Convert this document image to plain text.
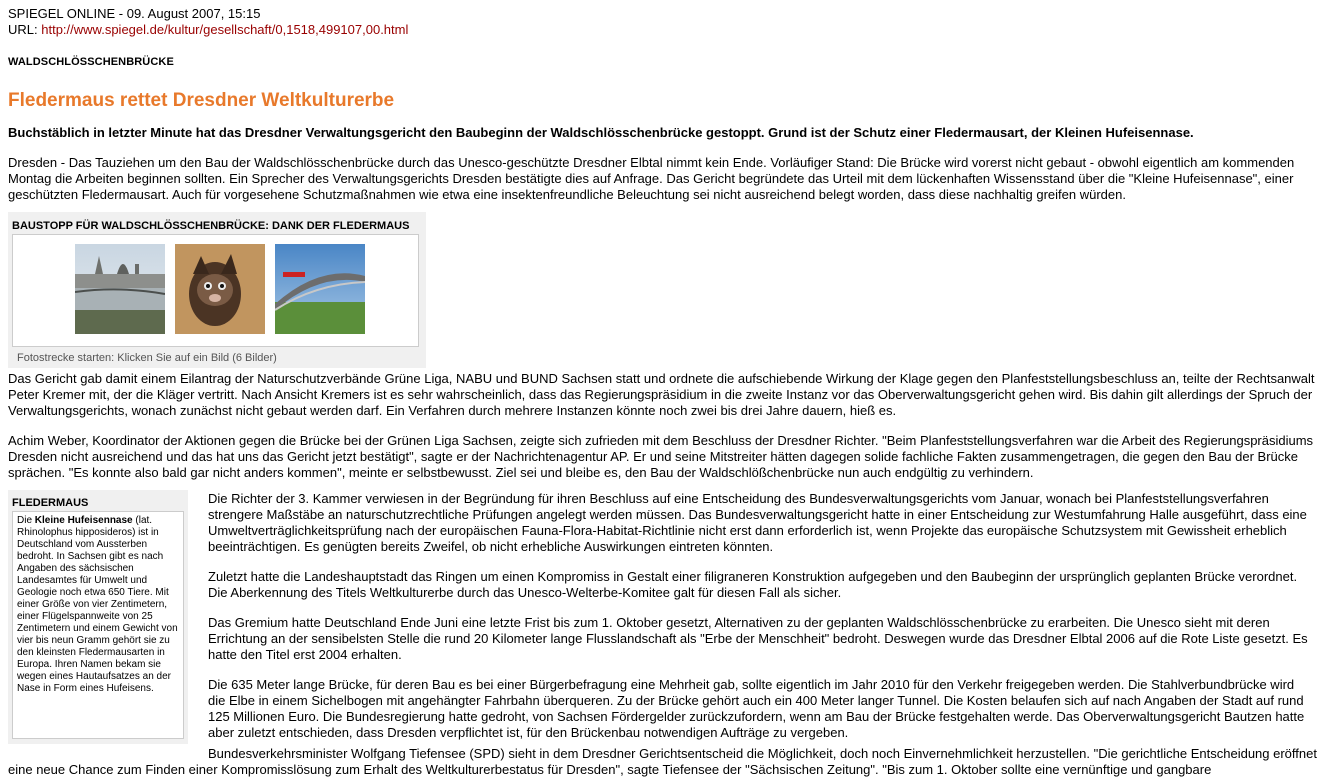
SPIEGEL ONLINE - 09. August 2007, 15:15

URL: http://www.spiegel.de/kultur/gesellschaft/0,1518,499107,00.html

WALDSCHLÖSSCHENBRÜCKE
Fledermaus rettet Dresdner Weltkulturerbe

Buchstäblich in letzter Minute hat das Dresdner Verwaltungsgericht den Baubeginn der Waldschlösschenbrücke gestoppt. Grund ist der Schutz einer Fledermausart, der Kleinen Hufeisennase.

Dresden - Das Tauziehen um den Bau der Waldschlösschenbrücke durch das Unesco-geschützte Dresdner Elbtal nimmt kein Ende. Vorläufiger Stand: Die Brücke wird vorerst nicht gebaut - obwohl eigentlich am kommenden Montag die Arbeiten beginnen sollten. Ein Sprecher des Verwaltungsgerichts Dresden bestätigte dies auf Anfrage. Das Gericht begründete das Urteil mit dem lückenhaften Wissensstand über die "Kleine Hufeisennase", einer geschützten Fledermausart. Auch für vorgesehene Schutzmaßnahmen wie etwa eine insektenfreundliche Beleuchtung sei nicht ausreichend belegt worden, dass diese nachhaltig greifen würden.

BAUSTOPP FÜR WALDSCHLÖSSCHENBRÜCKE: DANK DER FLEDERMAUS
Fotostrecke starten: Klicken Sie auf ein Bild (6 Bilder)

Das Gericht gab damit einem Eilantrag der Naturschutzverbände Grüne Liga, NABU und BUND Sachsen statt und ordnete die aufschiebende Wirkung der Klage gegen den Planfeststellungsbeschluss an, teilte der Rechtsanwalt Peter Kremer mit, der die Kläger vertritt. Nach Ansicht Kremers ist es sehr wahrscheinlich, dass das Regierungspräsidium in die zweite Instanz vor das Oberverwaltungsgericht gehen wird. Bis dahin gilt allerdings der Spruch der Verwaltungsgerichts, wonach zunächst nicht gebaut werden darf. Ein Verfahren durch mehrere Instanzen könnte noch zwei bis drei Jahre dauern, hieß es.

Achim Weber, Koordinator der Aktionen gegen die Brücke bei der Grünen Liga Sachsen, zeigte sich zufrieden mit dem Beschluss der Dresdner Richter. "Beim Planfeststellungsverfahren war die Arbeit des Regierungspräsidiums Dresden nicht ausreichend und das hat uns das Gericht jetzt bestätigt", sagte er der Nachrichtenagentur AP. Er und seine Mitstreiter hätten dagegen solide fachliche Fakten zusammengetragen, die gegen den Bau der Brücke sprächen. "Es konnte also bald gar nicht anders kommen", meinte er selbstbewusst. Ziel sei und bleibe es, den Bau der Waldschlößchenbrücke nun auch endgültig zu verhindern.

FLEDERMAUS
Die Kleine Hufeisennase (lat. Rhinolophus hipposideros) ist in Deutschland vom Aussterben bedroht. In Sachsen gibt es nach Angaben des sächsischen Landesamtes für Umwelt und Geologie noch etwa 650 Tiere. Mit einer Größe von vier Zentimetern, einer Flügelspannweite von 25 Zentimetern und einem Gewicht von vier bis neun Gramm gehört sie zu den kleinsten Fledermausarten in Europa. Ihren Namen bekam sie wegen eines Hautaufsatzes an der Nase in Form eines Hufeisens.

Die Richter der 3. Kammer verwiesen in der Begründung für ihren Beschluss auf eine Entscheidung des Bundesverwaltungsgerichts vom Januar, wonach bei Planfeststellungsverfahren strengere Maßstäbe an naturschutzrechtliche Prüfungen angelegt werden müssen. Das Bundesverwaltungsgericht hatte in einer Entscheidung zur Westumfahrung Halle ausgeführt, dass eine Umweltverträglichkeitsprüfung nach der europäischen Fauna-Flora-Habitat-Richtlinie nicht erst dann erforderlich ist, wenn Projekte das europäische Schutzsystem mit Gewissheit erheblich beeinträchtigen. Es genügten bereits Zweifel, ob nicht erhebliche Auswirkungen eintreten könnten.

Zuletzt hatte die Landeshauptstadt das Ringen um einen Kompromiss in Gestalt einer filigraneren Konstruktion aufgegeben und den Baubeginn der ursprünglich geplanten Brücke verordnet. Die Aberkennung des Titels Weltkulturerbe durch das Unesco-Welterbe-Komitee galt für diesen Fall als sicher.

Das Gremium hatte Deutschland Ende Juni eine letzte Frist bis zum 1. Oktober gesetzt, Alternativen zu der geplanten Waldschlösschenbrücke zu erarbeiten. Die Unesco sieht mit deren Errichtung an der sensibelsten Stelle die rund 20 Kilometer lange Flusslandschaft als "Erbe der Menschheit" bedroht. Deswegen wurde das Dresdner Elbtal 2006 auf die Rote Liste gesetzt. Es hatte den Titel erst 2004 erhalten.

Die 635 Meter lange Brücke, für deren Bau es bei einer Bürgerbefragung eine Mehrheit gab, sollte eigentlich im Jahr 2010 für den Verkehr freigegeben werden. Die Stahlverbundbrücke wird die Elbe in einem Sichelbogen mit angehängter Fahrbahn überqueren. Zu der Brücke gehört auch ein 400 Meter langer Tunnel. Die Kosten belaufen sich auf nach Angaben der Stadt auf rund 125 Millionen Euro. Die Bundesregierung hatte gedroht, von Sachsen Fördergelder zurückzufordern, wenn am Bau der Brücke festgehalten werde. Das Oberverwaltungsgericht Bautzen hatte aber zuletzt entschieden, dass Dresden verpflichtet ist, für den Brückenbau notwendigen Aufträge zu vergeben.

Bundesverkehrsminister Wolfgang Tiefensee (SPD) sieht in dem Dresdner Gerichtsentscheid die Möglichkeit, doch noch Einvernehmlichkeit herzustellen. "Die gerichtliche Entscheidung eröffnet eine neue Chance zum Finden einer Kompromisslösung zum Erhalt des Weltkulturerbestatus für Dresden", sagte Tiefensee der "Sächsischen Zeitung". "Bis zum 1. Oktober sollte eine vernünftige und gangbare
